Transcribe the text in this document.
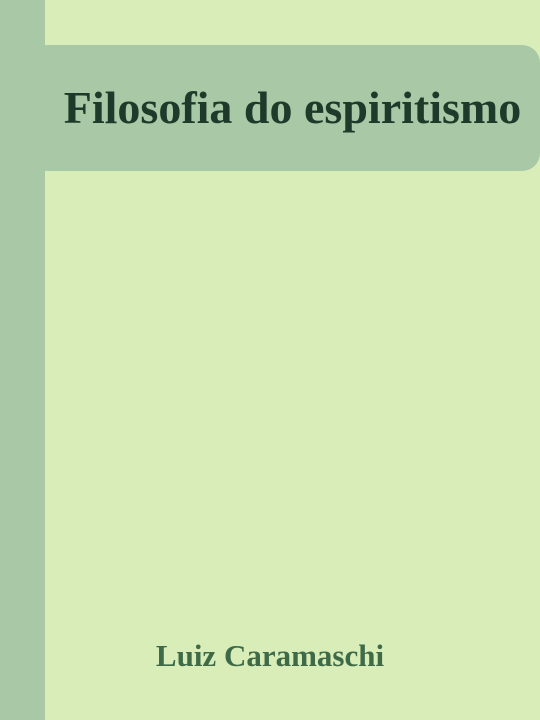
Filosofia do espiritismo
Luiz Caramaschi
